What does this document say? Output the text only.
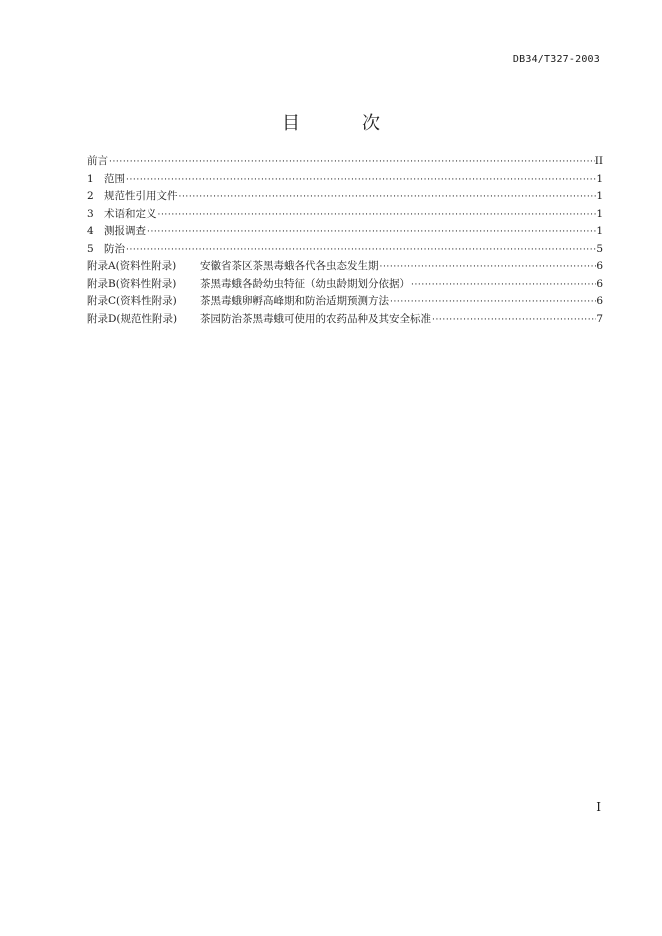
DB34/T327-2003
目	次
前言 ·····	II
1 范围 ·····	1
2 规范性引用文件 ·····	1
3 术语和定义 ·····	1
4 测报调查 ·····	1
5 防治 ·····	5
附录A(资料性附录) 安徽省茶区茶黑毒蛾各代各虫态发生期 ·····	6
附录B(资料性附录) 茶黑毒蛾各龄幼虫特征（幼虫龄期划分依据） ·····	6
附录C(资料性附录) 茶黑毒蛾卵孵高峰期和防治适期预测方法 ·····	6
附录D(规范性附录) 茶园防治茶黑毒蛾可使用的农药品种及其安全标准 ·····	7
I
